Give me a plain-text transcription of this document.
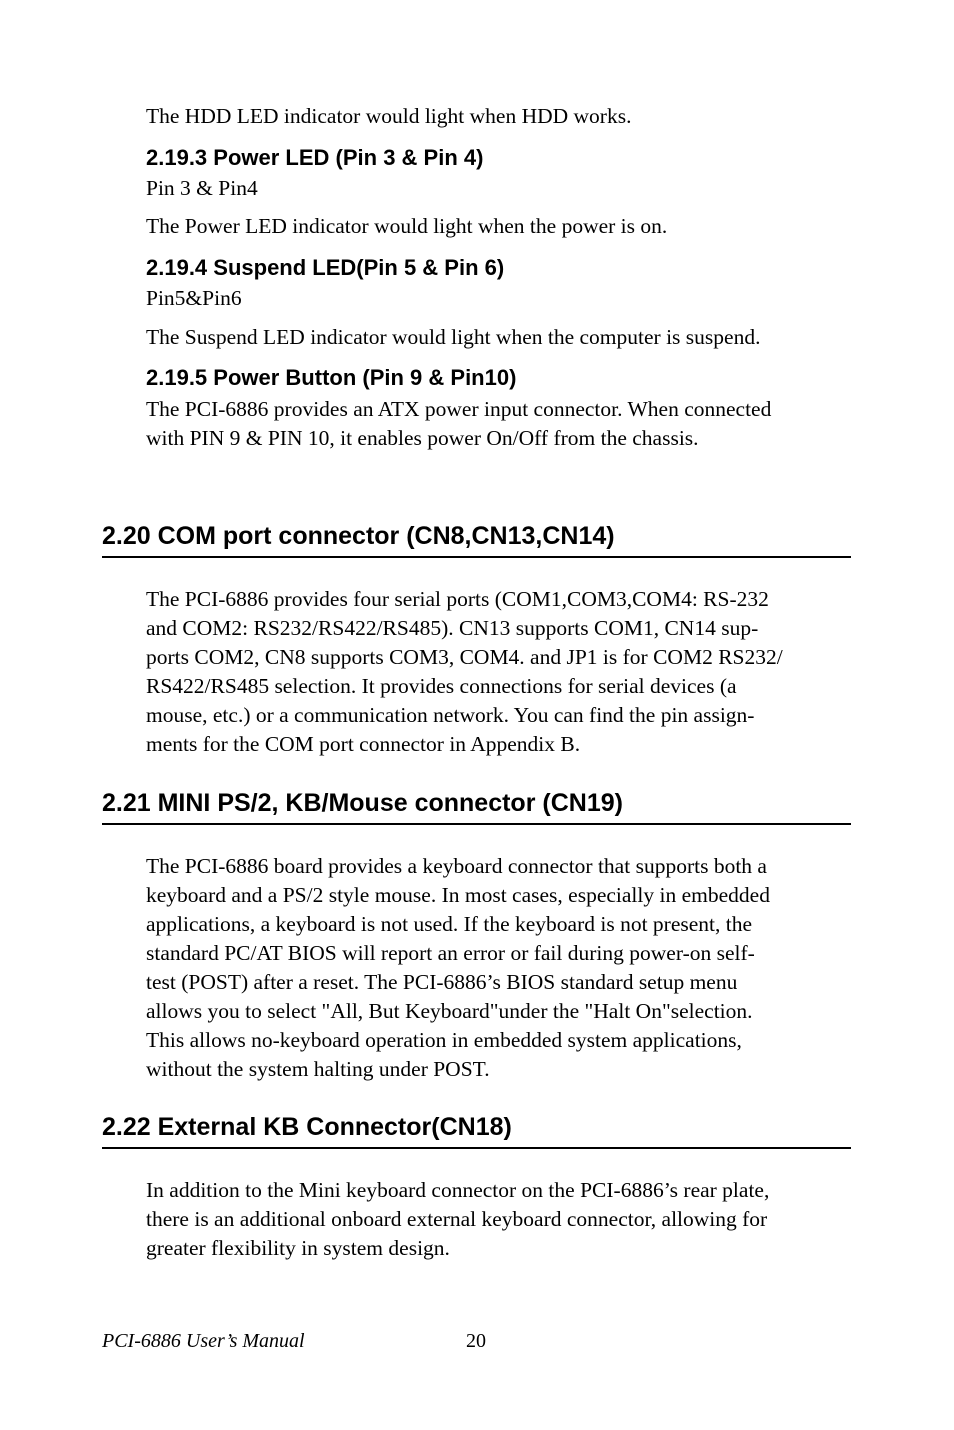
The HDD LED indicator would light when HDD works.

2.19.3 Power LED (Pin 3 & Pin 4)

Pin 3 & Pin4

The Power LED indicator would light when the power is on.

2.19.4 Suspend LED(Pin 5 & Pin 6)

Pin5&Pin6

The Suspend LED indicator would light when the computer is suspend.

2.19.5 Power Button (Pin 9 & Pin10)

The PCI-6886 provides an ATX power input connector. When connected
with PIN 9 & PIN 10, it enables power On/Off from the chassis.

2.20 COM port connector (CN8,CN13,CN14)

The PCI-6886 provides four serial ports (COM1,COM3,COM4: RS-232
and COM2: RS232/RS422/RS485). CN13 supports COM1, CN14 sup-
ports COM2, CN8 supports COM3, COM4. and JP1 is for COM2 RS232/
RS422/RS485 selection. It provides connections for serial devices (a
mouse, etc.) or a communication network. You can find the pin assign-
ments for the COM port connector in Appendix B.

2.21 MINI PS/2, KB/Mouse connector (CN19)

The PCI-6886 board provides a keyboard connector that supports both a
keyboard and a PS/2 style mouse. In most cases, especially in embedded
applications, a keyboard is not used. If the keyboard is not present, the
standard PC/AT BIOS will report an error or fail during power-on self-
test (POST) after a reset. The PCI-6886’s BIOS standard setup menu
allows you to select "All, But Keyboard"under the "Halt On"selection.
This allows no-keyboard operation in embedded system applications,
without the system halting under POST.

2.22 External KB Connector(CN18)

In addition to the Mini keyboard connector on the PCI-6886’s rear plate,
there is an additional onboard external keyboard connector, allowing for
greater flexibility in system design.

PCI-6886 User’s Manual	20
